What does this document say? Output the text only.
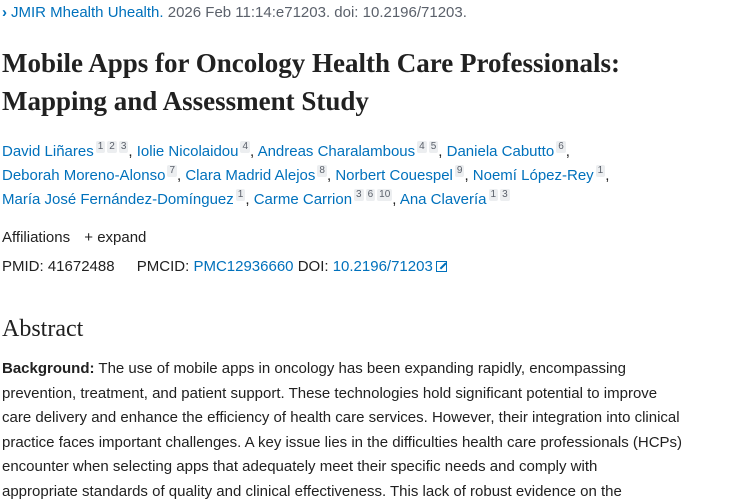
› JMIR Mhealth Uhealth. 2026 Feb 11:14:e71203. doi: 10.2196/71203.
Mobile Apps for Oncology Health Care Professionals:
Mapping and Assessment Study
David Liñares $^1$ $^2$ $^3$ , Iolie Nicolaidou $^4$ , Andreas Charalambous $^4$ $^5$ , Daniela Cabutto $^6$ ,
Deborah Moreno-Alonso $^7$ , Clara Madrid Alejos $^8$ , Norbert Couespel $^9$ , Noemí López-Rey $^1$ ,
María José Fernández-Domínguez $^1$ , Carme Carrion $^3$ $^6$ $^{10}$ , Ana Clavería $^1$ $^3$
Affiliations + expand
PMID: 41672488 PMCID: PMC12936660 DOI: 10.2196/71203
Abstract
Background: The use of mobile apps in oncology has been expanding rapidly, encompassing
prevention, treatment, and patient support. These technologies hold significant potential to improve
care delivery and enhance the efficiency of health care services. However, their integration into clinical
practice faces important challenges. A key issue lies in the difficulties health care professionals (HCPs)
encounter when selecting apps that adequately meet their specific needs and comply with
appropriate standards of quality and clinical effectiveness. This lack of robust evidence on the
